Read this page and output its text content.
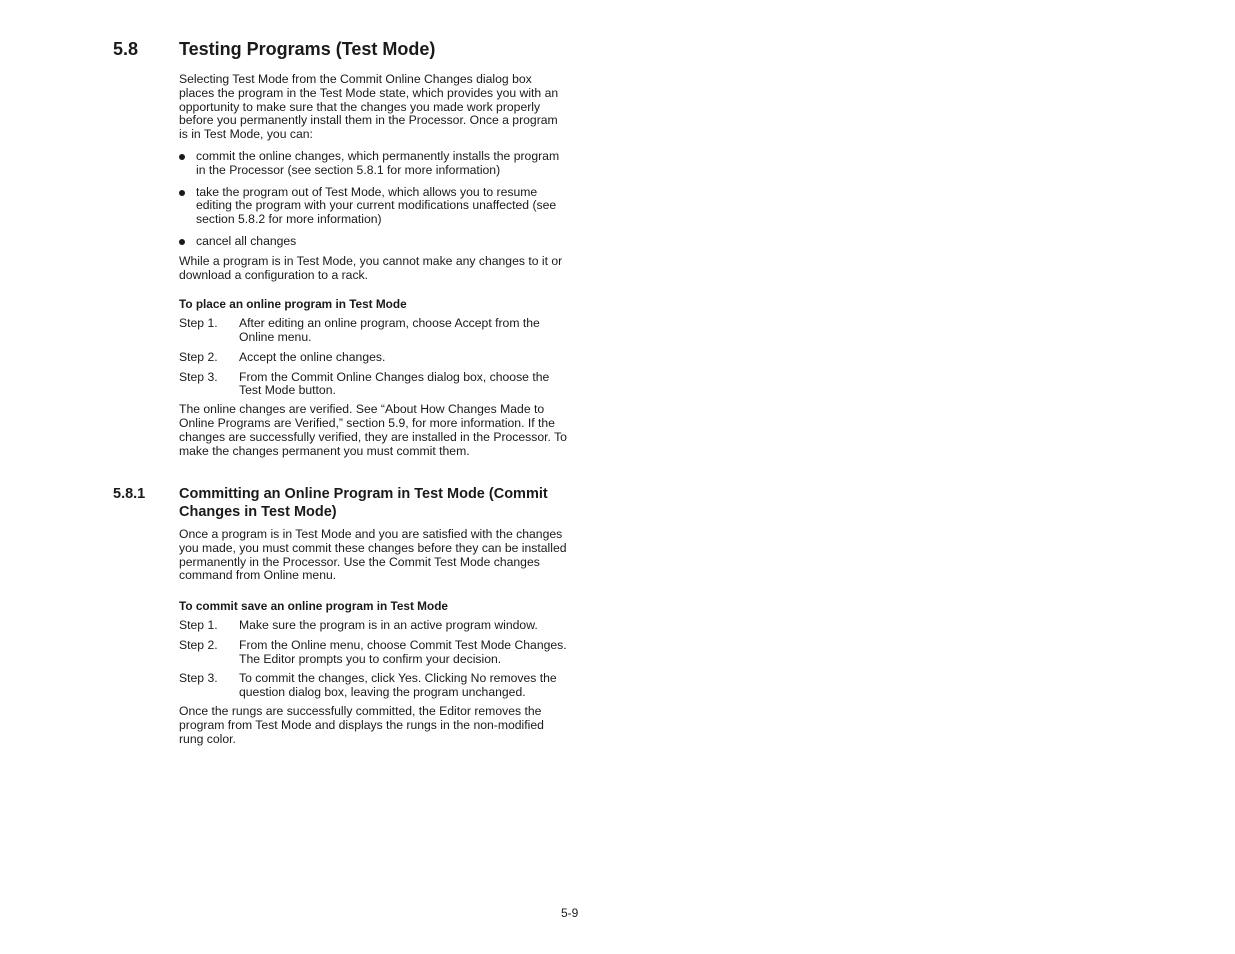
5.8 Testing Programs (Test Mode)

Selecting Test Mode from the Commit Online Changes dialog box places the program in the Test Mode state, which provides you with an opportunity to make sure that the changes you made work properly before you permanently install them in the Processor. Once a program is in Test Mode, you can:

commit the online changes, which permanently installs the program in the Processor (see section 5.8.1 for more information)
take the program out of Test Mode, which allows you to resume editing the program with your current modifications unaffected (see section 5.8.2 for more information)
cancel all changes

While a program is in Test Mode, you cannot make any changes to it or download a configuration to a rack.

To place an online program in Test Mode

Step 1. After editing an online program, choose Accept from the Online menu.
Step 2. Accept the online changes.
Step 3. From the Commit Online Changes dialog box, choose the Test Mode button.

The online changes are verified. See “About How Changes Made to Online Programs are Verified,” section 5.9, for more information. If the changes are successfully verified, they are installed in the Processor. To make the changes permanent you must commit them.

5.8.1 Committing an Online Program in Test Mode (Commit Changes in Test Mode)

Once a program is in Test Mode and you are satisfied with the changes you made, you must commit these changes before they can be installed permanently in the Processor. Use the Commit Test Mode changes command from Online menu.

To commit save an online program in Test Mode

Step 1. Make sure the program is in an active program window.
Step 2. From the Online menu, choose Commit Test Mode Changes. The Editor prompts you to confirm your decision.
Step 3. To commit the changes, click Yes. Clicking No removes the question dialog box, leaving the program unchanged.

Once the rungs are successfully committed, the Editor removes the program from Test Mode and displays the rungs in the non-modified rung color.

5-9
